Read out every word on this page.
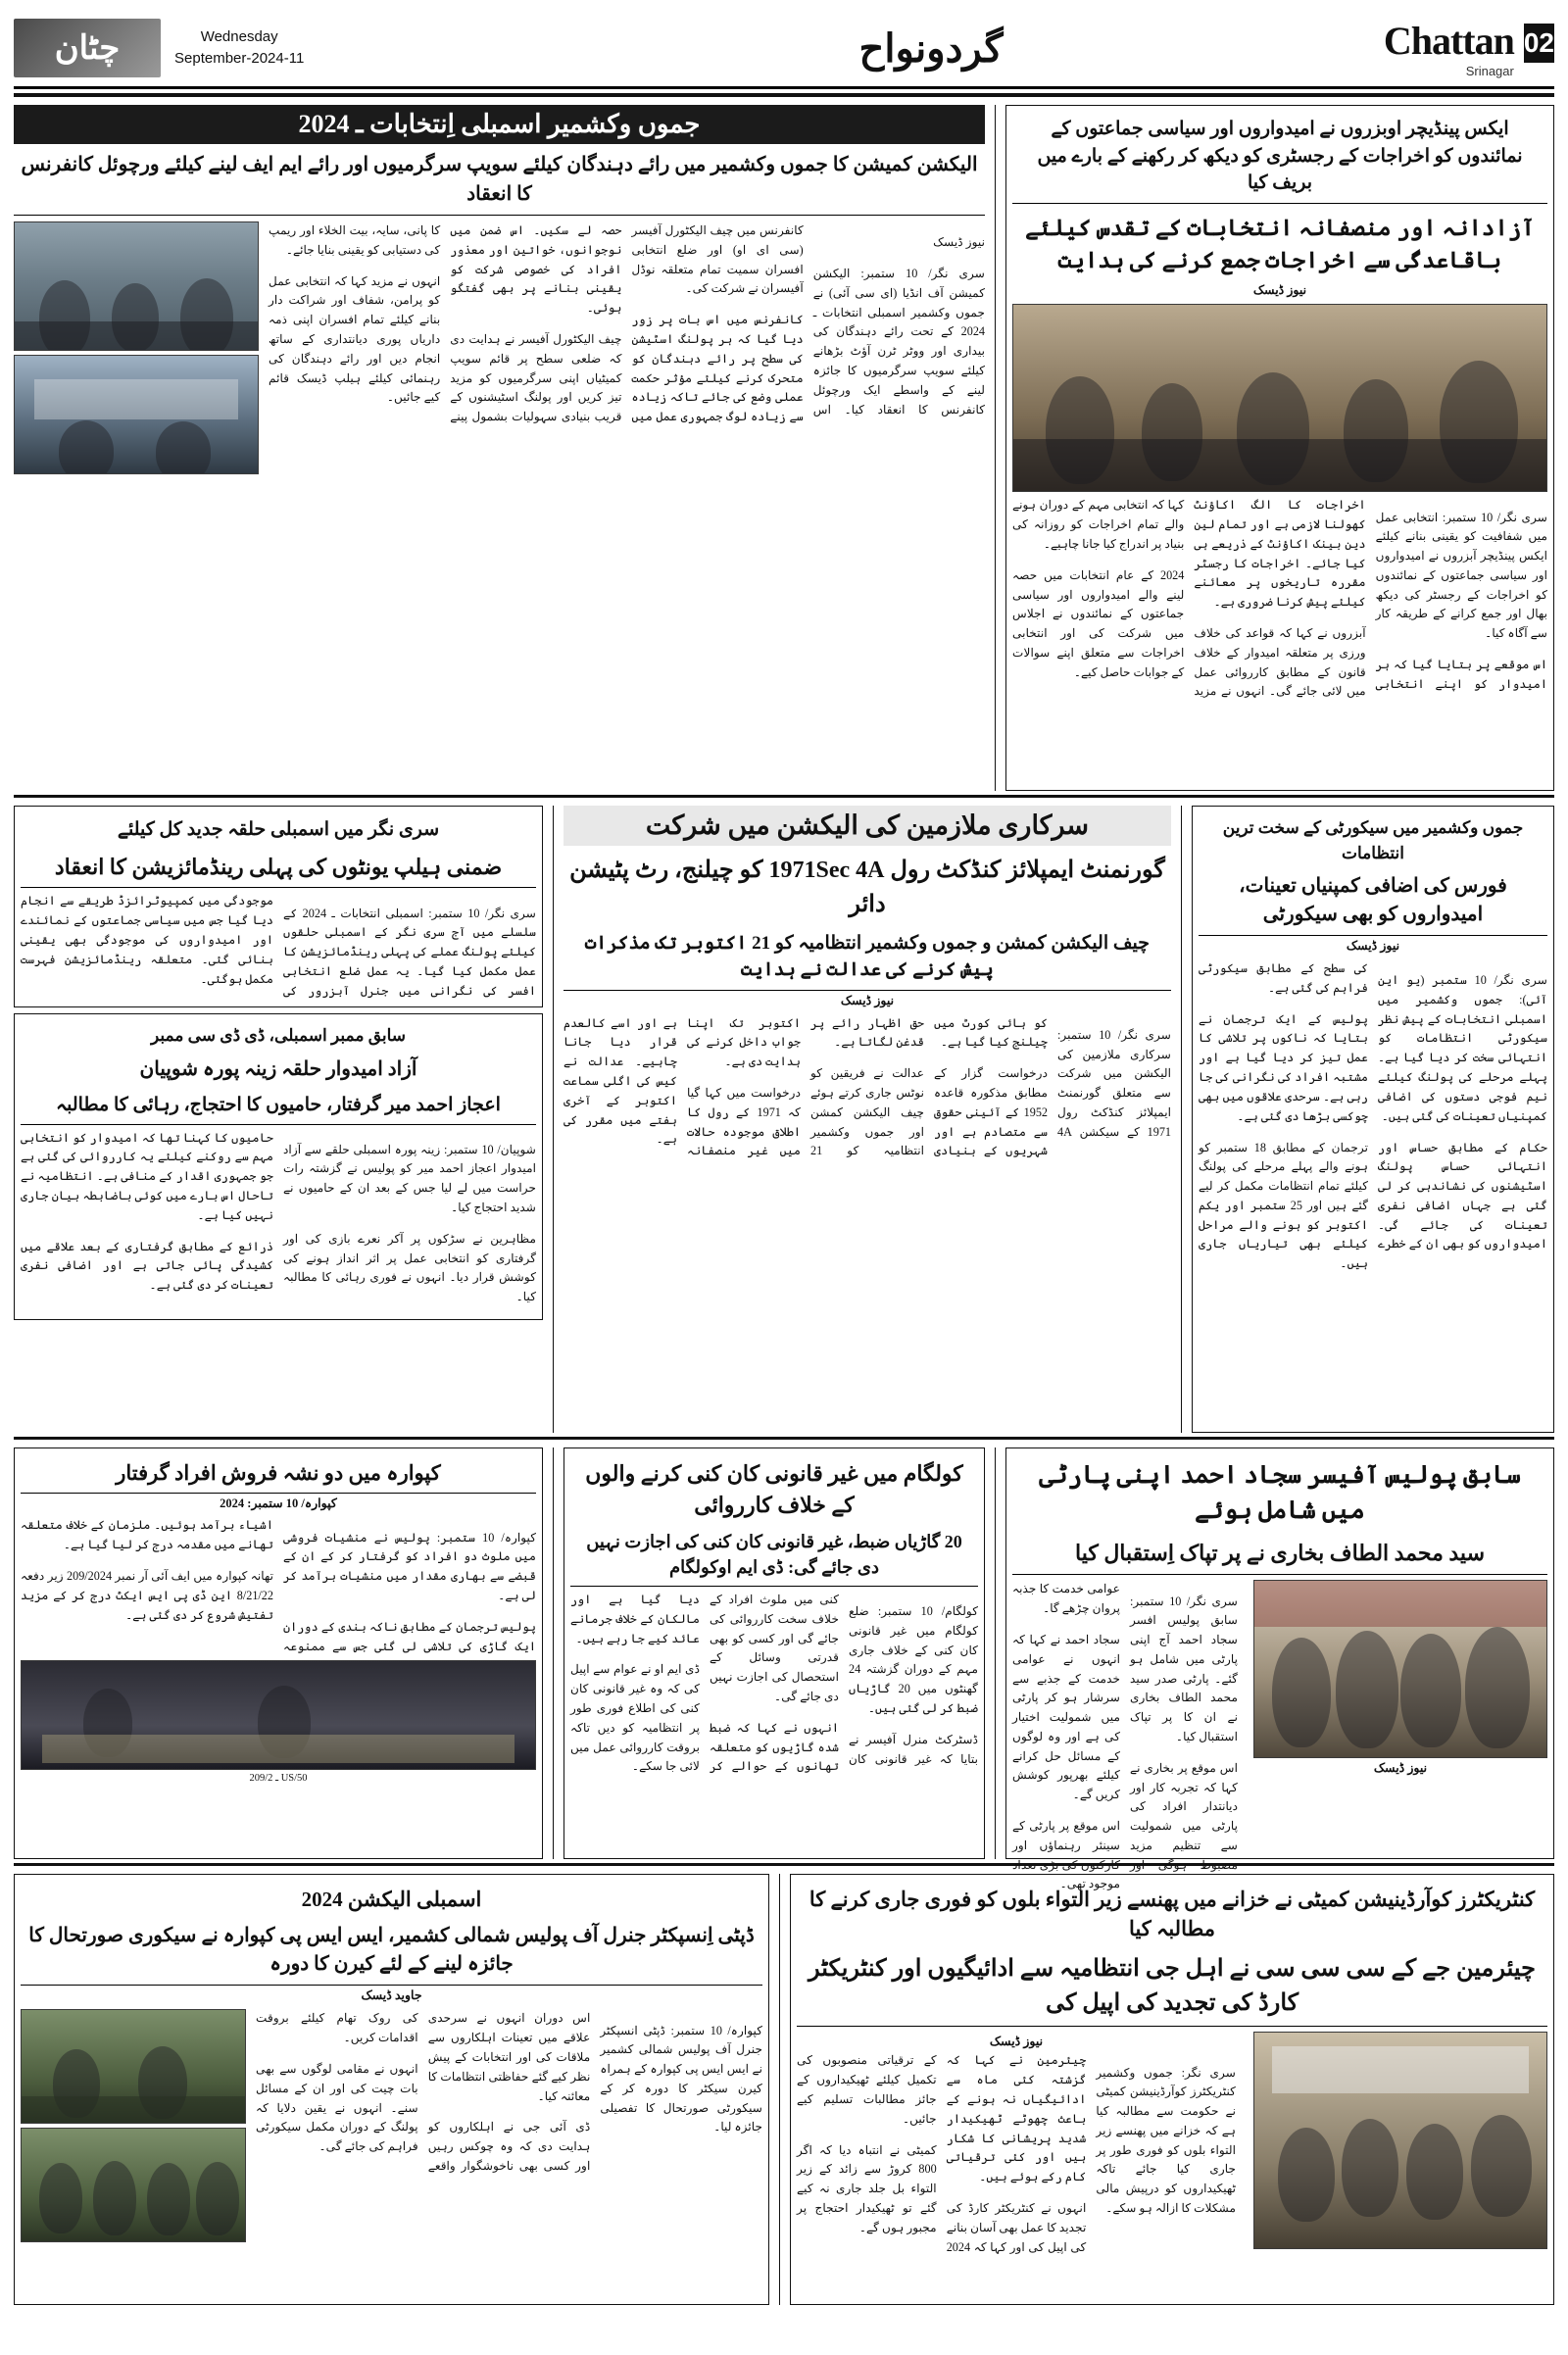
02
Chattan
Srinagar
گردونواح
Wednesday
11-September-2024
چٹان
ایکس پینڈیچر اوبزروں نے امیدواروں اور سیاسی جماعتوں کے نمائندوں کو اخراجات کے رجسٹری کو دیکھ کر رکھنے کے بارے میں بریف کیا
آزادانہ اور منصفانہ انتخابات کے تقدس کیلئے باقاعدگی سے اخراجات جمع کرنے کی ہدایت
نیوز ڈیسک

سری نگر/ 10 ستمبر: انتخابی عمل میں شفافیت کو یقینی بنانے کیلئے ایکس پینڈیچر آبزروں نے امیدواروں اور سیاسی جماعتوں کے نمائندوں کو اخراجات کے رجسٹر کی دیکھ بھال اور جمع کرانے کے طریقہ کار سے آگاہ کیا۔

اس موقعے پر بتایا گیا کہ ہر امیدوار کو اپنے انتخابی اخراجات کا الگ اکاؤنٹ کھولنا لازمی ہے اور تمام لین دین بینک اکاؤنٹ کے ذریعے ہی کیا جائے۔ اخراجات کا رجسٹر مقررہ تاریخوں پر معائنے کیلئے پیش کرنا ضروری ہے۔

آبزروں نے کہا کہ قواعد کی خلاف ورزی پر متعلقہ امیدوار کے خلاف قانون کے مطابق کارروائی عمل میں لائی جائے گی۔ انہوں نے مزید کہا کہ انتخابی مہم کے دوران ہونے والے تمام اخراجات کو روزانہ کی بنیاد پر اندراج کیا جانا چاہیے۔

2024 کے عام انتخابات میں حصہ لینے والے امیدواروں اور سیاسی جماعتوں کے نمائندوں نے اجلاس میں شرکت کی اور انتخابی اخراجات سے متعلق اپنے سوالات کے جوابات حاصل کیے۔

جموں وکشمیر اسمبلی اِنتخابات ـ 2024
الیکشن کمیشن کا جموں وکشمیر میں رائے دہندگان کیلئے سویپ سرگرمیوں اور رائے ایم ایف لینے کیلئے ورچوئل کانفرنس کا انعقاد

نیوز ڈیسک

سری نگر/ 10 ستمبر: الیکشن کمیشن آف انڈیا (ای سی آئی) نے جموں وکشمیر اسمبلی انتخابات ـ 2024 کے تحت رائے دہندگان کی بیداری اور ووٹر ٹرن آؤٹ بڑھانے کیلئے سویپ سرگرمیوں کا جائزہ لینے کے واسطے ایک ورچوئل کانفرنس کا انعقاد کیا۔ اس کانفرنس میں چیف الیکٹورل آفیسر (سی ای او) اور ضلع انتخابی افسران سمیت تمام متعلقہ نوڈل آفیسران نے شرکت کی۔

کانفرنس میں اس بات پر زور دیا گیا کہ ہر پولنگ اسٹیشن کی سطح پر رائے دہندگان کو متحرک کرنے کیلئے مؤثر حکمت عملی وضع کی جائے تاکہ زیادہ سے زیادہ لوگ جمہوری عمل میں حصہ لے سکیں۔ اس ضمن میں نوجوانوں، خواتین اور معذور افراد کی خصوصی شرکت کو یقینی بنانے پر بھی گفتگو ہوئی۔

چیف الیکٹورل آفیسر نے ہدایت دی کہ ضلعی سطح پر قائم سویپ کمیٹیاں اپنی سرگرمیوں کو مزید تیز کریں اور پولنگ اسٹیشنوں کے قریب بنیادی سہولیات بشمول پینے کا پانی، سایہ، بیت الخلاء اور ریمپ کی دستیابی کو یقینی بنایا جائے۔

انہوں نے مزید کہا کہ انتخابی عمل کو پرامن، شفاف اور شراکت دار بنانے کیلئے تمام افسران اپنی ذمہ داریاں پوری دیانتداری کے ساتھ انجام دیں اور رائے دہندگان کی رہنمائی کیلئے ہیلپ ڈیسک قائم کیے جائیں۔

جموں وکشمیر میں سیکورٹی کے سخت ترین انتظامات
فورس کی اضافی کمپنیاں تعینات، امیدواروں کو بھی سیکورٹی
نیوز ڈیسک

سری نگر/ 10 ستمبر (یو این آئی): جموں وکشمیر میں اسمبلی انتخابات کے پیش نظر سیکورٹی انتظامات کو انتہائی سخت کر دیا گیا ہے۔ پہلے مرحلے کی پولنگ کیلئے نیم فوجی دستوں کی اضافی کمپنیاں تعینات کی گئی ہیں۔

حکام کے مطابق حساس اور انتہائی حساس پولنگ اسٹیشنوں کی نشاندہی کر لی گئی ہے جہاں اضافی نفری تعینات کی جائے گی۔ امیدواروں کو بھی ان کے خطرے کی سطح کے مطابق سیکورٹی فراہم کی گئی ہے۔

پولیس کے ایک ترجمان نے بتایا کہ ناکوں پر تلاشی کا عمل تیز کر دیا گیا ہے اور مشتبہ افراد کی نگرانی کی جا رہی ہے۔ سرحدی علاقوں میں بھی چوکسی بڑھا دی گئی ہے۔

ترجمان کے مطابق 18 ستمبر کو ہونے والے پہلے مرحلے کی پولنگ کیلئے تمام انتظامات مکمل کر لیے گئے ہیں اور 25 ستمبر اور یکم اکتوبر کو ہونے والے مراحل کیلئے بھی تیاریاں جاری ہیں۔

سرکاری ملازمین کی الیکشن میں شرکت
گورنمنٹ ایمپلائز کنڈکٹ رول 1971Sec 4A کو چیلنج، رٹ پٹیشن دائر
چیف الیکشن کمشن و جموں وکشمیر انتظامیہ کو 21 اکتوبر تک مذکرات پیش کرنے کی عدالت نے ہدایت
نیوز ڈیسک

سری نگر/ 10 ستمبر: سرکاری ملازمین کی الیکشن میں شرکت سے متعلق گورنمنٹ ایمپلائز کنڈکٹ رول 1971 کے سیکشن 4A کو ہائی کورٹ میں چیلنج کیا گیا ہے۔

درخواست گزار کے مطابق مذکورہ قاعدہ 1952 کے آئینی حقوق سے متصادم ہے اور شہریوں کے بنیادی حق اظہار رائے پر قدغن لگاتا ہے۔

عدالت نے فریقین کو نوٹس جاری کرتے ہوئے چیف الیکشن کمشن اور جموں وکشمیر انتظامیہ کو 21 اکتوبر تک اپنا جواب داخل کرنے کی ہدایت دی ہے۔

درخواست میں کہا گیا کہ 1971 کے رول کا اطلاق موجودہ حالات میں غیر منصفانہ ہے اور اسے کالعدم قرار دیا جانا چاہیے۔ عدالت نے کیس کی اگلی سماعت اکتوبر کے آخری ہفتے میں مقرر کی ہے۔

سری نگر میں اسمبلی حلقہ جدید کل کیلئے
ضمنی ہیلپ یونٹوں کی پہلی رینڈمائزیشن کا انعقاد

سری نگر/ 10 ستمبر: اسمبلی انتخابات ـ 2024 کے سلسلے میں آج سری نگر کے اسمبلی حلقوں کیلئے پولنگ عملے کی پہلی رینڈمائزیشن کا عمل مکمل کیا گیا۔ یہ عمل ضلع انتخابی افسر کی نگرانی میں جنرل آبزرور کی موجودگی میں کمپیوٹرائزڈ طریقے سے انجام دیا گیا جس میں سیاسی جماعتوں کے نمائندے اور امیدواروں کی موجودگی بھی یقینی بنائی گئی۔ متعلقہ رینڈمائزیشن فہرست مکمل ہوگئی۔

سابق ممبر اسمبلی، ڈی ڈی سی ممبر
آزاد امیدوار حلقہ زینہ پورہ شوپیان
اعجاز احمد میر گرفتار، حامیوں کا احتجاج، رہائی کا مطالبہ

شوپیان/ 10 ستمبر: زینہ پورہ اسمبلی حلقے سے آزاد امیدوار اعجاز احمد میر کو پولیس نے گزشتہ رات حراست میں لے لیا جس کے بعد ان کے حامیوں نے شدید احتجاج کیا۔

مظاہرین نے سڑکوں پر آکر نعرے بازی کی اور گرفتاری کو انتخابی عمل پر اثر انداز ہونے کی کوشش قرار دیا۔ انہوں نے فوری رہائی کا مطالبہ کیا۔

حامیوں کا کہنا تھا کہ امیدوار کو انتخابی مہم سے روکنے کیلئے یہ کارروائی کی گئی ہے جو جمہوری اقدار کے منافی ہے۔ انتظامیہ نے تاحال اس بارے میں کوئی باضابطہ بیان جاری نہیں کیا ہے۔

ذرائع کے مطابق گرفتاری کے بعد علاقے میں کشیدگی پائی جاتی ہے اور اضافی نفری تعینات کر دی گئی ہے۔

سابق پولیس آفیسر سجاد احمد اپنی پارٹی میں شامل ہوئے
سید محمد الطاف بخاری نے پر تپاک اِستقبال کیا
نیوز ڈیسک

سری نگر/ 10 ستمبر: سابق پولیس افسر سجاد احمد آج اپنی پارٹی میں شامل ہو گئے۔ پارٹی صدر سید محمد الطاف بخاری نے ان کا پر تپاک استقبال کیا۔

اس موقع پر بخاری نے کہا کہ تجربہ کار اور دیانتدار افراد کی پارٹی میں شمولیت سے تنظیم مزید مضبوط ہوگی اور عوامی خدمت کا جذبہ پروان چڑھے گا۔

سجاد احمد نے کہا کہ انہوں نے عوامی خدمت کے جذبے سے سرشار ہو کر پارٹی میں شمولیت اختیار کی ہے اور وہ لوگوں کے مسائل حل کرانے کیلئے بھرپور کوشش کریں گے۔

اس موقع پر پارٹی کے سینئر رہنماؤں اور کارکنوں کی بڑی تعداد موجود تھی۔

کولگام میں غیر قانونی کان کنی کرنے والوں کے خلاف کارروائی
20 گاڑیاں ضبط، غیر قانونی کان کنی کی اجازت نہیں دی جائے گی: ڈی ایم اوکولگام

کولگام/ 10 ستمبر: ضلع کولگام میں غیر قانونی کان کنی کے خلاف جاری مہم کے دوران گزشتہ 24 گھنٹوں میں 20 گاڑیاں ضبط کر لی گئی ہیں۔

ڈسٹرکٹ منرل آفیسر نے بتایا کہ غیر قانونی کان کنی میں ملوث افراد کے خلاف سخت کارروائی کی جائے گی اور کسی کو بھی قدرتی وسائل کے استحصال کی اجازت نہیں دی جائے گی۔

انہوں نے کہا کہ ضبط شدہ گاڑیوں کو متعلقہ تھانوں کے حوالے کر دیا گیا ہے اور مالکان کے خلاف جرمانے عائد کیے جا رہے ہیں۔

ڈی ایم او نے عوام سے اپیل کی کہ وہ غیر قانونی کان کنی کی اطلاع فوری طور پر انتظامیہ کو دیں تاکہ بروقت کارروائی عمل میں لائی جا سکے۔

کپوارہ میں دو نشہ فروش افراد گرفتار
کپوارہ/ 10 ستمبر: 2024

کپوارہ/ 10 ستمبر: پولیس نے منشیات فروشی میں ملوث دو افراد کو گرفتار کر کے ان کے قبضے سے بھاری مقدار میں منشیات برآمد کر لی ہے۔

پولیس ترجمان کے مطابق ناکہ بندی کے دوران ایک گاڑی کی تلاشی لی گئی جس سے ممنوعہ اشیاء برآمد ہوئیں۔ ملزمان کے خلاف متعلقہ تھانے میں مقدمہ درج کر لیا گیا ہے۔

تھانہ کپوارہ میں ایف آئی آر نمبر 209/2024 زیر دفعہ 8/21/22 این ڈی پی ایس ایکٹ درج کر کے مزید تفتیش شروع کر دی گئی ہے۔

US/50 ـ 209/2
کنٹریکٹرز کوآرڈینیشن کمیٹی نے خزانے میں پھنسے زیر التواء بلوں کو فوری جاری کرنے کا مطالبہ کیا
چیئرمین جے کے سی سی سی نے اہل جی انتظامیہ سے ادائیگیوں اور کنٹریکٹر کارڈ کی تجدید کی اپیل کی
نیوز ڈیسک

سری نگر: جموں وکشمیر کنٹریکٹرز کوآرڈینیشن کمیٹی نے حکومت سے مطالبہ کیا ہے کہ خزانے میں پھنسے زیر التواء بلوں کو فوری طور پر جاری کیا جائے تاکہ ٹھیکیداروں کو درپیش مالی مشکلات کا ازالہ ہو سکے۔

چیئرمین نے کہا کہ گزشتہ کئی ماہ سے ادائیگیاں نہ ہونے کے باعث چھوٹے ٹھیکیدار شدید پریشانی کا شکار ہیں اور کئی ترقیاتی کام رکے ہوئے ہیں۔

انہوں نے کنٹریکٹر کارڈ کی تجدید کا عمل بھی آسان بنانے کی اپیل کی اور کہا کہ 2024 کے ترقیاتی منصوبوں کی تکمیل کیلئے ٹھیکیداروں کے جائز مطالبات تسلیم کیے جائیں۔

کمیٹی نے انتباہ دیا کہ اگر 800 کروڑ سے زائد کے زیر التواء بل جلد جاری نہ کیے گئے تو ٹھیکیدار احتجاج پر مجبور ہوں گے۔

اسمبلی الیکشن 2024
ڈپٹی اِنسپکٹر جنرل آف پولیس شمالی کشمیر، ایس ایس پی کپوارہ نے سیکوری صورتحال کا جائزہ لینے کے لئے کیرن کا دورہ
جاوید ڈیسک

کپوارہ/ 10 ستمبر: ڈپٹی انسپکٹر جنرل آف پولیس شمالی کشمیر نے ایس ایس پی کپوارہ کے ہمراہ کیرن سیکٹر کا دورہ کر کے سیکورٹی صورتحال کا تفصیلی جائزہ لیا۔

اس دوران انہوں نے سرحدی علاقے میں تعینات اہلکاروں سے ملاقات کی اور انتخابات کے پیش نظر کیے گئے حفاظتی انتظامات کا معائنہ کیا۔

ڈی آئی جی نے اہلکاروں کو ہدایت دی کہ وہ چوکس رہیں اور کسی بھی ناخوشگوار واقعے کی روک تھام کیلئے بروقت اقدامات کریں۔

انہوں نے مقامی لوگوں سے بھی بات چیت کی اور ان کے مسائل سنے۔ انہوں نے یقین دلایا کہ پولنگ کے دوران مکمل سیکورٹی فراہم کی جائے گی۔
